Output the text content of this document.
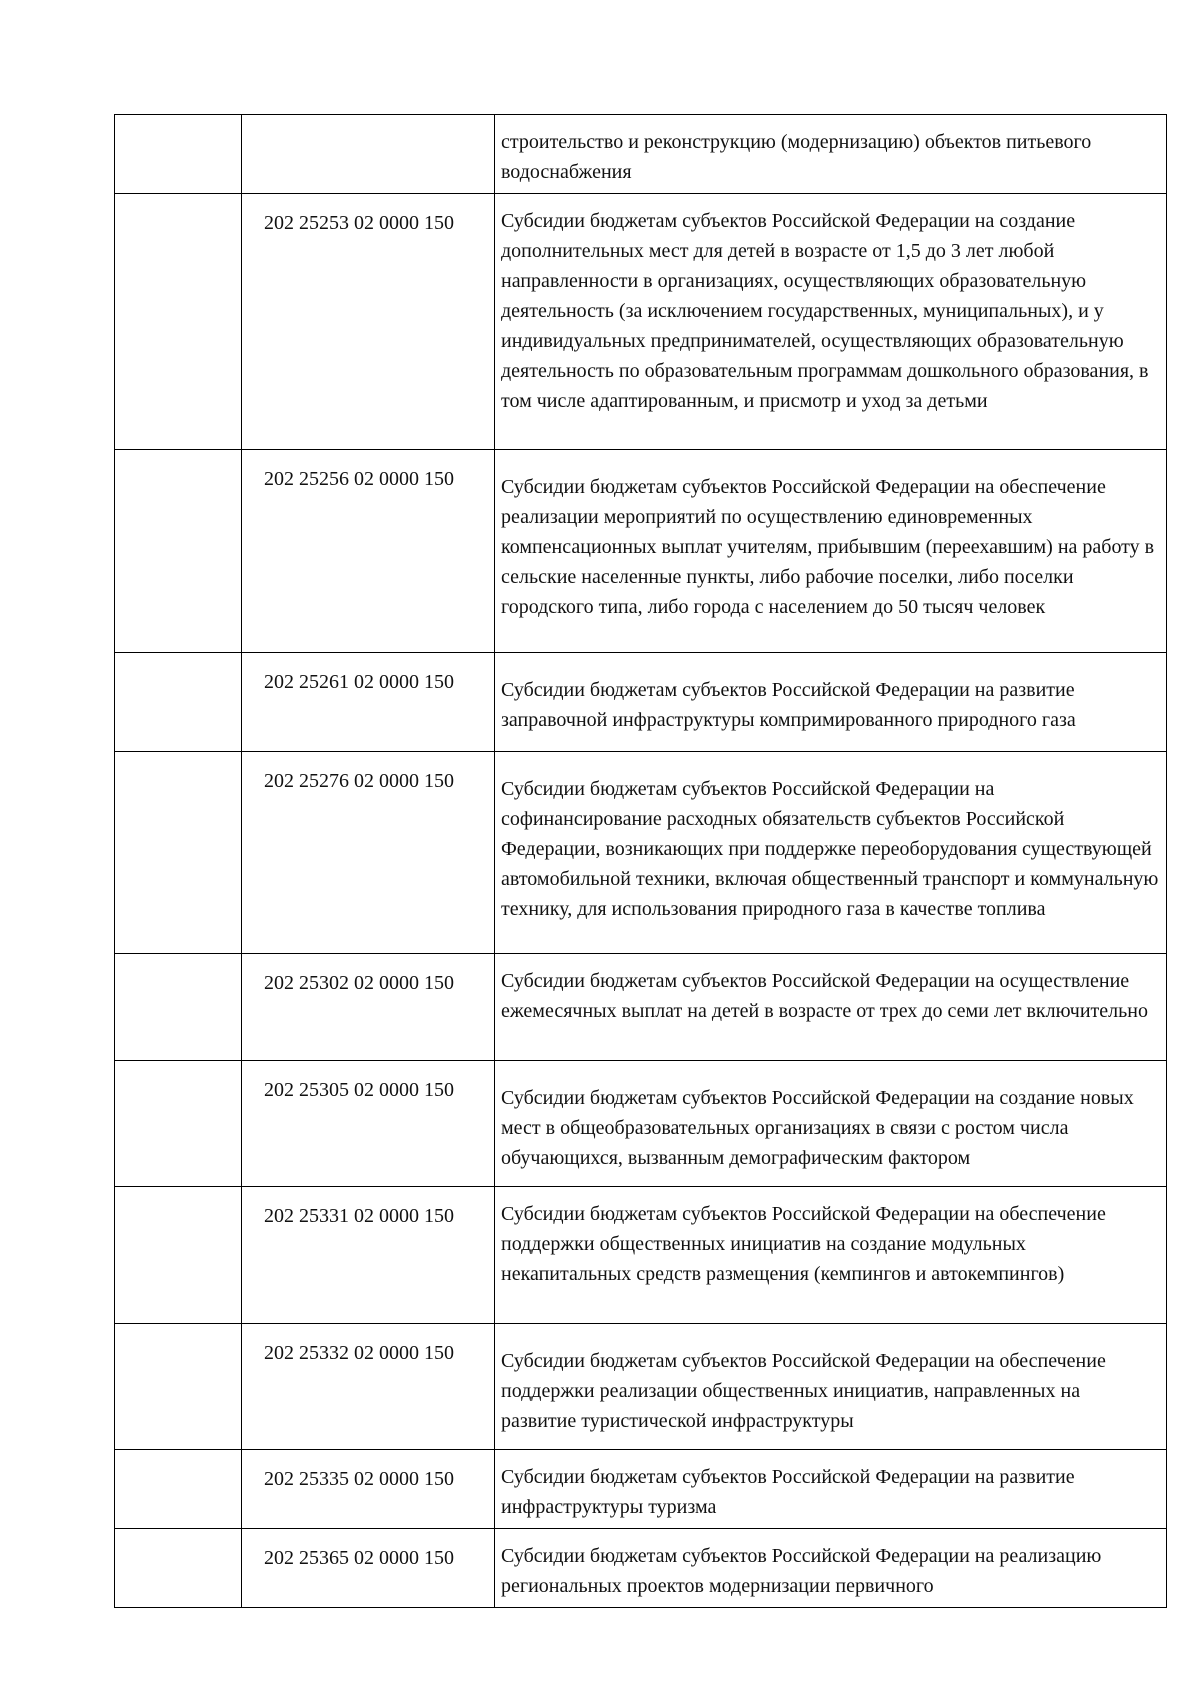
		строительство и реконструкцию (модернизацию) объектов питьевого водоснабжения

	202 25253 02 0000 150	Субсидии бюджетам субъектов Российской Федерации на создание дополнительных мест для детей в возрасте от 1,5 до 3 лет любой направленности в организациях, осуществляющих образовательную деятельность (за исключением государственных, муниципальных), и у индивидуальных предпринимателей, осуществляющих образовательную деятельность по образовательным программам дошкольного образования, в том числе адаптированным, и присмотр и уход за детьми

	202 25256 02 0000 150	Субсидии бюджетам субъектов Российской Федерации на обеспечение реализации мероприятий по осуществлению единовременных компенсационных выплат учителям, прибывшим (переехавшим) на работу в сельские населенные пункты, либо рабочие поселки, либо поселки городского типа, либо города с населением до 50 тысяч человек

	202 25261 02 0000 150	Субсидии бюджетам субъектов Российской Федерации на развитие заправочной инфраструктуры компримированного природного газа

	202 25276 02 0000 150	Субсидии бюджетам субъектов Российской Федерации на софинансирование расходных обязательств субъектов Российской Федерации, возникающих при поддержке переоборудования существующей автомобильной техники, включая общественный транспорт и коммунальную технику, для использования природного газа в качестве топлива

	202 25302 02 0000 150	Субсидии бюджетам субъектов Российской Федерации на осуществление ежемесячных выплат на детей в возрасте от трех до семи лет включительно

	202 25305 02 0000 150	Субсидии бюджетам субъектов Российской Федерации на создание новых мест в общеобразовательных организациях в связи с ростом числа обучающихся, вызванным демографическим фактором

	202 25331 02 0000 150	Субсидии бюджетам субъектов Российской Федерации на обеспечение поддержки общественных инициатив на создание модульных некапитальных средств размещения (кемпингов и автокемпингов)

	202 25332 02 0000 150	Субсидии бюджетам субъектов Российской Федерации на обеспечение поддержки реализации общественных инициатив, направленных на развитие туристической инфраструктуры

	202 25335 02 0000 150	Субсидии бюджетам субъектов Российской Федерации на развитие инфраструктуры туризма

	202 25365 02 0000 150	Субсидии бюджетам субъектов Российской Федерации на реализацию региональных проектов модернизации первичного
